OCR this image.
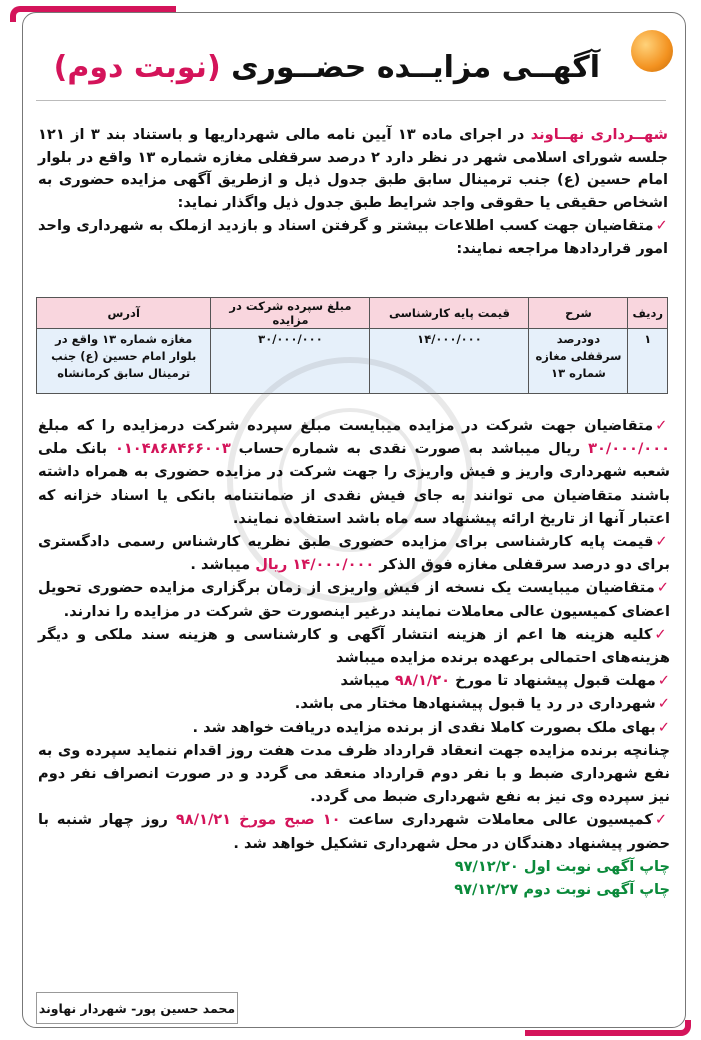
آگهــی مزایــده حضــوری (نوبت دوم)

شهــرداری نهــاوند در اجرای ماده ۱۳ آیین نامه مالی شهرداریها و باستناد بند ۳ از ۱۲۱ جلسه شورای اسلامی شهر در نظر دارد ۲ درصد سرقفلی مغازه شماره ۱۳ واقع در بلوار امام حسین (ع) جنب ترمینال سابق طبق جدول ذیل و ازطریق آگهی مزایده حضوری به اشخاص حقیقی یا حقوقی واجد شرایط طبق جدول ذیل واگذار نماید:

✓متقاضیان جهت کسب اطلاعات بیشتر و گرفتن اسناد و بازدید ازملک به شهرداری واحد امور قراردادها مراجعه نمایند:

ردیف	شرح	قیمت پایه کارشناسی	مبلغ سپرده شرکت در مزایده	آدرس
۱	دودرصد سرقفلی مغازه شماره ۱۳	۱۴/۰۰۰/۰۰۰	۳۰/۰۰۰/۰۰۰	مغازه شماره ۱۳ واقع در بلوار امام حسین (ع) جنب ترمینال سابق کرمانشاه

✓متقاضیان جهت شرکت در مزایده میبایست مبلغ سپرده شرکت درمزایده را که مبلغ ۳۰/۰۰۰/۰۰۰ ریال میباشد به صورت نقدی به شماره حساب ۰۱۰۴۸۶۸۴۶۶۰۰۳ بانک ملی شعبه شهرداری واریز و فیش واریزی را جهت شرکت در مزایده حضوری به همراه داشته باشند متقاضیان می توانند به جای فیش نقدی از ضمانتنامه بانکی یا اسناد خزانه که اعتبار آنها از تاریخ ارائه پیشنهاد سه ماه باشد استفاده نمایند.

✓قیمت پایه کارشناسی برای مزایده حضوری طبق نظریه کارشناس رسمی دادگستری برای دو درصد سرقفلی مغازه فوق الذکر ۱۴/۰۰۰/۰۰۰ ریال میباشد .

✓متقاضیان میبایست یک نسخه از فیش واریزی از زمان برگزاری مزایده حضوری تحویل اعضای کمیسیون عالی معاملات نمایند درغیر اینصورت حق شرکت در مزایده را ندارند.

✓کلیه هزینه ها اعم از هزینه انتشار آگهی و کارشناسی و هزینه سند ملکی و دیگر هزینه‌های احتمالی برعهده برنده مزایده میباشد

✓مهلت قبول پیشنهاد تا مورخ ۹۸/۱/۲۰ میباشد

✓شهرداری در رد یا قبول پیشنهادها مختار می باشد.

✓بهای ملک بصورت کاملا نقدی از برنده مزایده دریافت خواهد شد .

چنانچه برنده مزایده جهت انعقاد قرارداد ظرف مدت هفت روز اقدام ننماید سپرده وی به نفع شهرداری ضبط و با نفر دوم قرارداد منعقد می گردد و در صورت انصراف نفر دوم نیز سپرده وی نیز به نفع شهرداری ضبط می گردد.

✓کمیسیون عالی معاملات شهرداری ساعت ۱۰ صبح مورخ ۹۸/۱/۲۱ روز چهار شنبه با حضور پیشنهاد دهندگان در محل شهرداری تشکیل خواهد شد .

چاپ آگهی نوبت اول ۹۷/۱۲/۲۰

چاپ آگهی نوبت دوم ۹۷/۱۲/۲۷

محمد حسین پور- شهردار نهاوند
